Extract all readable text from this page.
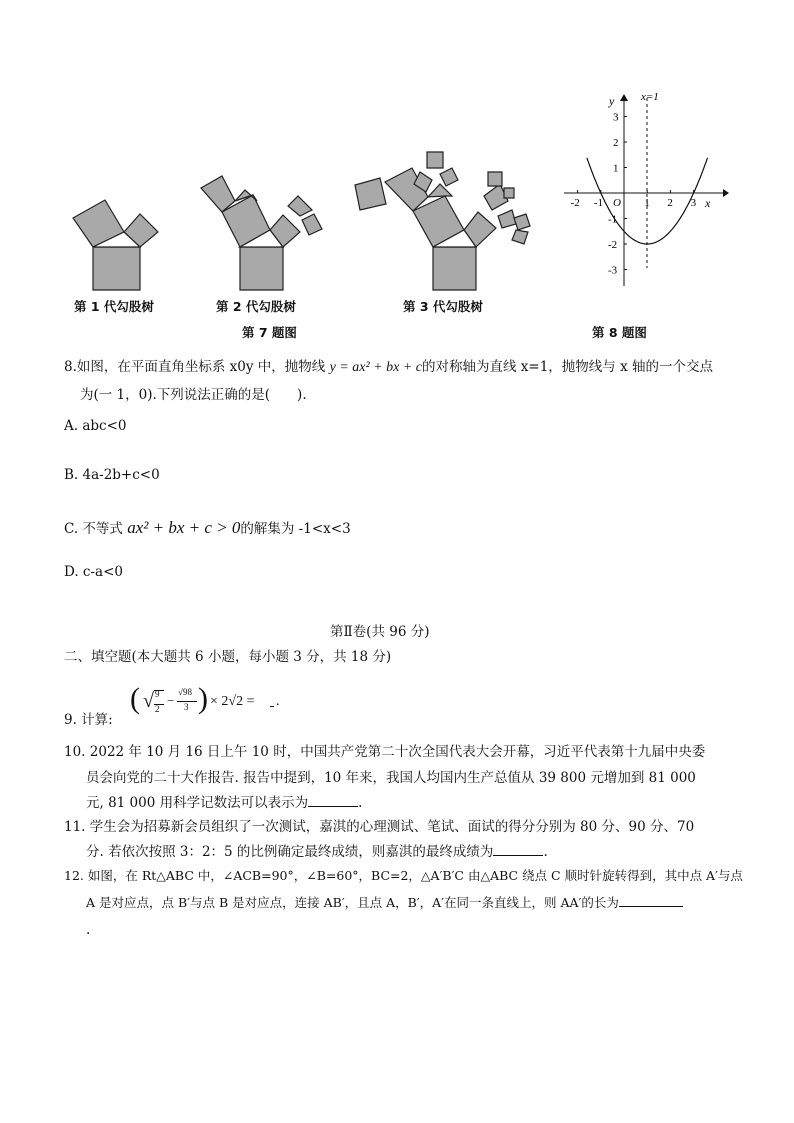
第 1 代勾股树	第 2 代勾股树	第 3 代勾股树
第 7 题图
x=1
x
y
O
-2 -1	1 2 3
3
2
1
-1
-2
-3
第 8 题图
8.如图，在平面直角坐标系 x0y 中，抛物线 y = ax² + bx + c的对称轴为直线 x=1，抛物线与 x 轴的一个交点
为(一 1，0).下列说法正确的是(　　).
A. abc<0
B. 4a-2b+c<0
C. 不等式 ax² + bx + c > 0的解集为 -1<x<3
D. c-a<0
第Ⅱ卷(共 96 分)
二、填空题(本大题共 6 小题，每小题 3 分，共 18 分)
9. 计算:
( √ 9
2
−
√98
3 ) × 2√2 = .
10. 2022 年 10 月 16 日上午 10 时，中国共产党第二十次全国代表大会开幕，习近平代表第十九届中央委
员会向党的二十大作报告. 报告中提到，10 年来，我国人均国内生产总值从 39 800 元增加到 81 000
元, 81 000 用科学记数法可以表示为	.
11. 学生会为招募新会员组织了一次测试，嘉淇的心理测试、笔试、面试的得分分别为 80 分、90 分、70
分. 若依次按照 3：2：5 的比例确定最终成绩，则嘉淇的最终成绩为	.
12. 如图，在 Rt△ABC 中，∠ACB=90°，∠B=60°，BC=2，△A′B′C 由△ABC 绕点 C 顺时针旋转得到，其中点 A′与点
A 是对应点，点 B′与点 B 是对应点，连接 AB′，且点 A，B′，A′在同一条直线上，则 AA′的长为
.
